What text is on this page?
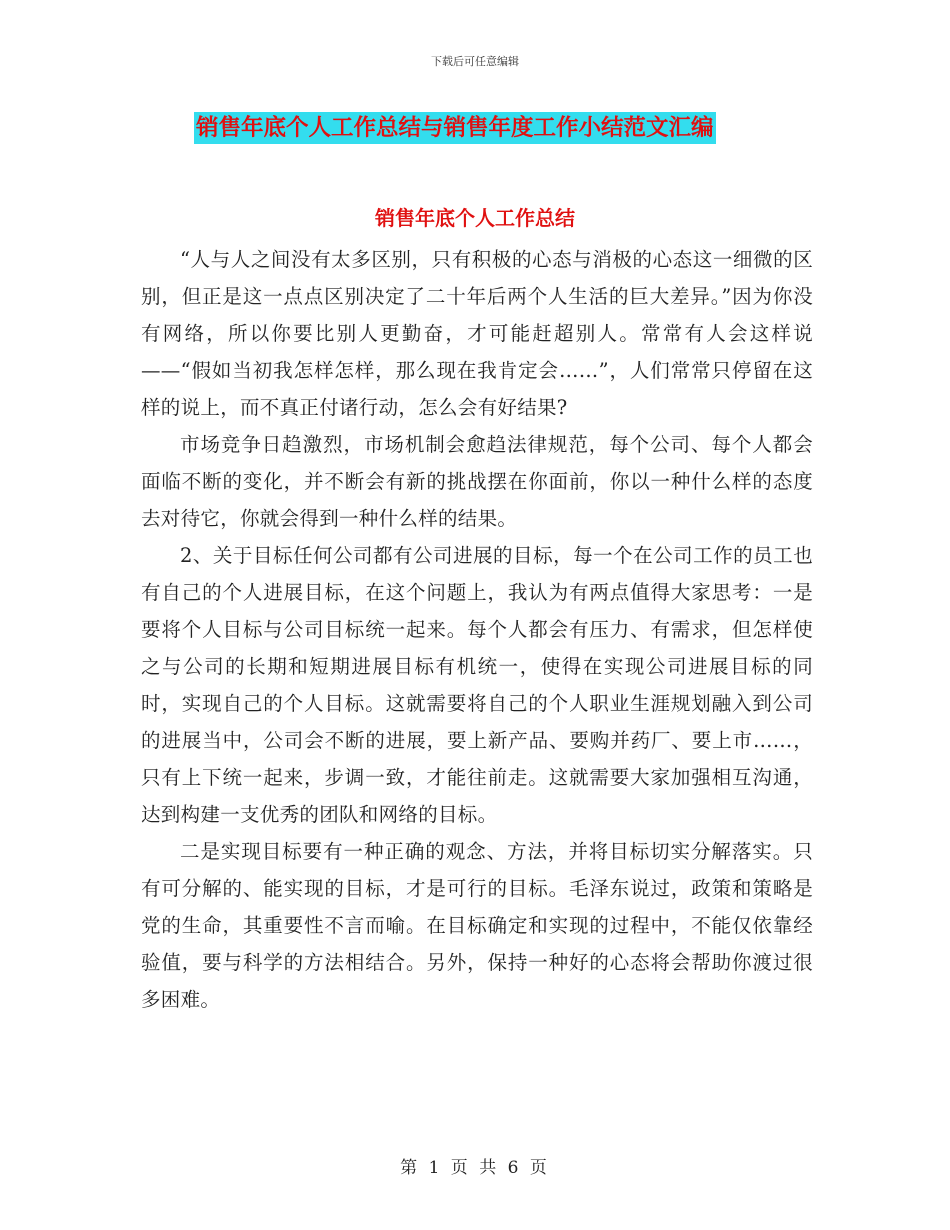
下载后可任意编辑
销售年底个人工作总结与销售年度工作小结范文汇编
销售年底个人工作总结

“人与人之间没有太多区别，只有积极的心态与消极的心态这一细微的区别，但正是这一点点区别决定了二十年后两个人生活的巨大差异。”因为你没有网络，所以你要比别人更勤奋，才可能赶超别人。常常有人会这样说——“假如当初我怎样怎样，那么现在我肯定会……”，人们常常只停留在这样的说上，而不真正付诸行动，怎么会有好结果?

市场竞争日趋激烈，市场机制会愈趋法律规范，每个公司、每个人都会面临不断的变化，并不断会有新的挑战摆在你面前，你以一种什么样的态度去对待它，你就会得到一种什么样的结果。

2、关于目标任何公司都有公司进展的目标，每一个在公司工作的员工也有自己的个人进展目标，在这个问题上，我认为有两点值得大家思考：一是要将个人目标与公司目标统一起来。每个人都会有压力、有需求，但怎样使之与公司的长期和短期进展目标有机统一，使得在实现公司进展目标的同时，实现自己的个人目标。这就需要将自己的个人职业生涯规划融入到公司的进展当中，公司会不断的进展，要上新产品、要购并药厂、要上市……，只有上下统一起来，步调一致，才能往前走。这就需要大家加强相互沟通，达到构建一支优秀的团队和网络的目标。

二是实现目标要有一种正确的观念、方法，并将目标切实分解落实。只有可分解的、能实现的目标，才是可行的目标。毛泽东说过，政策和策略是党的生命，其重要性不言而喻。在目标确定和实现的过程中，不能仅依靠经验值，要与科学的方法相结合。另外，保持一种好的心态将会帮助你渡过很多困难。

第 1 页 共 6 页
